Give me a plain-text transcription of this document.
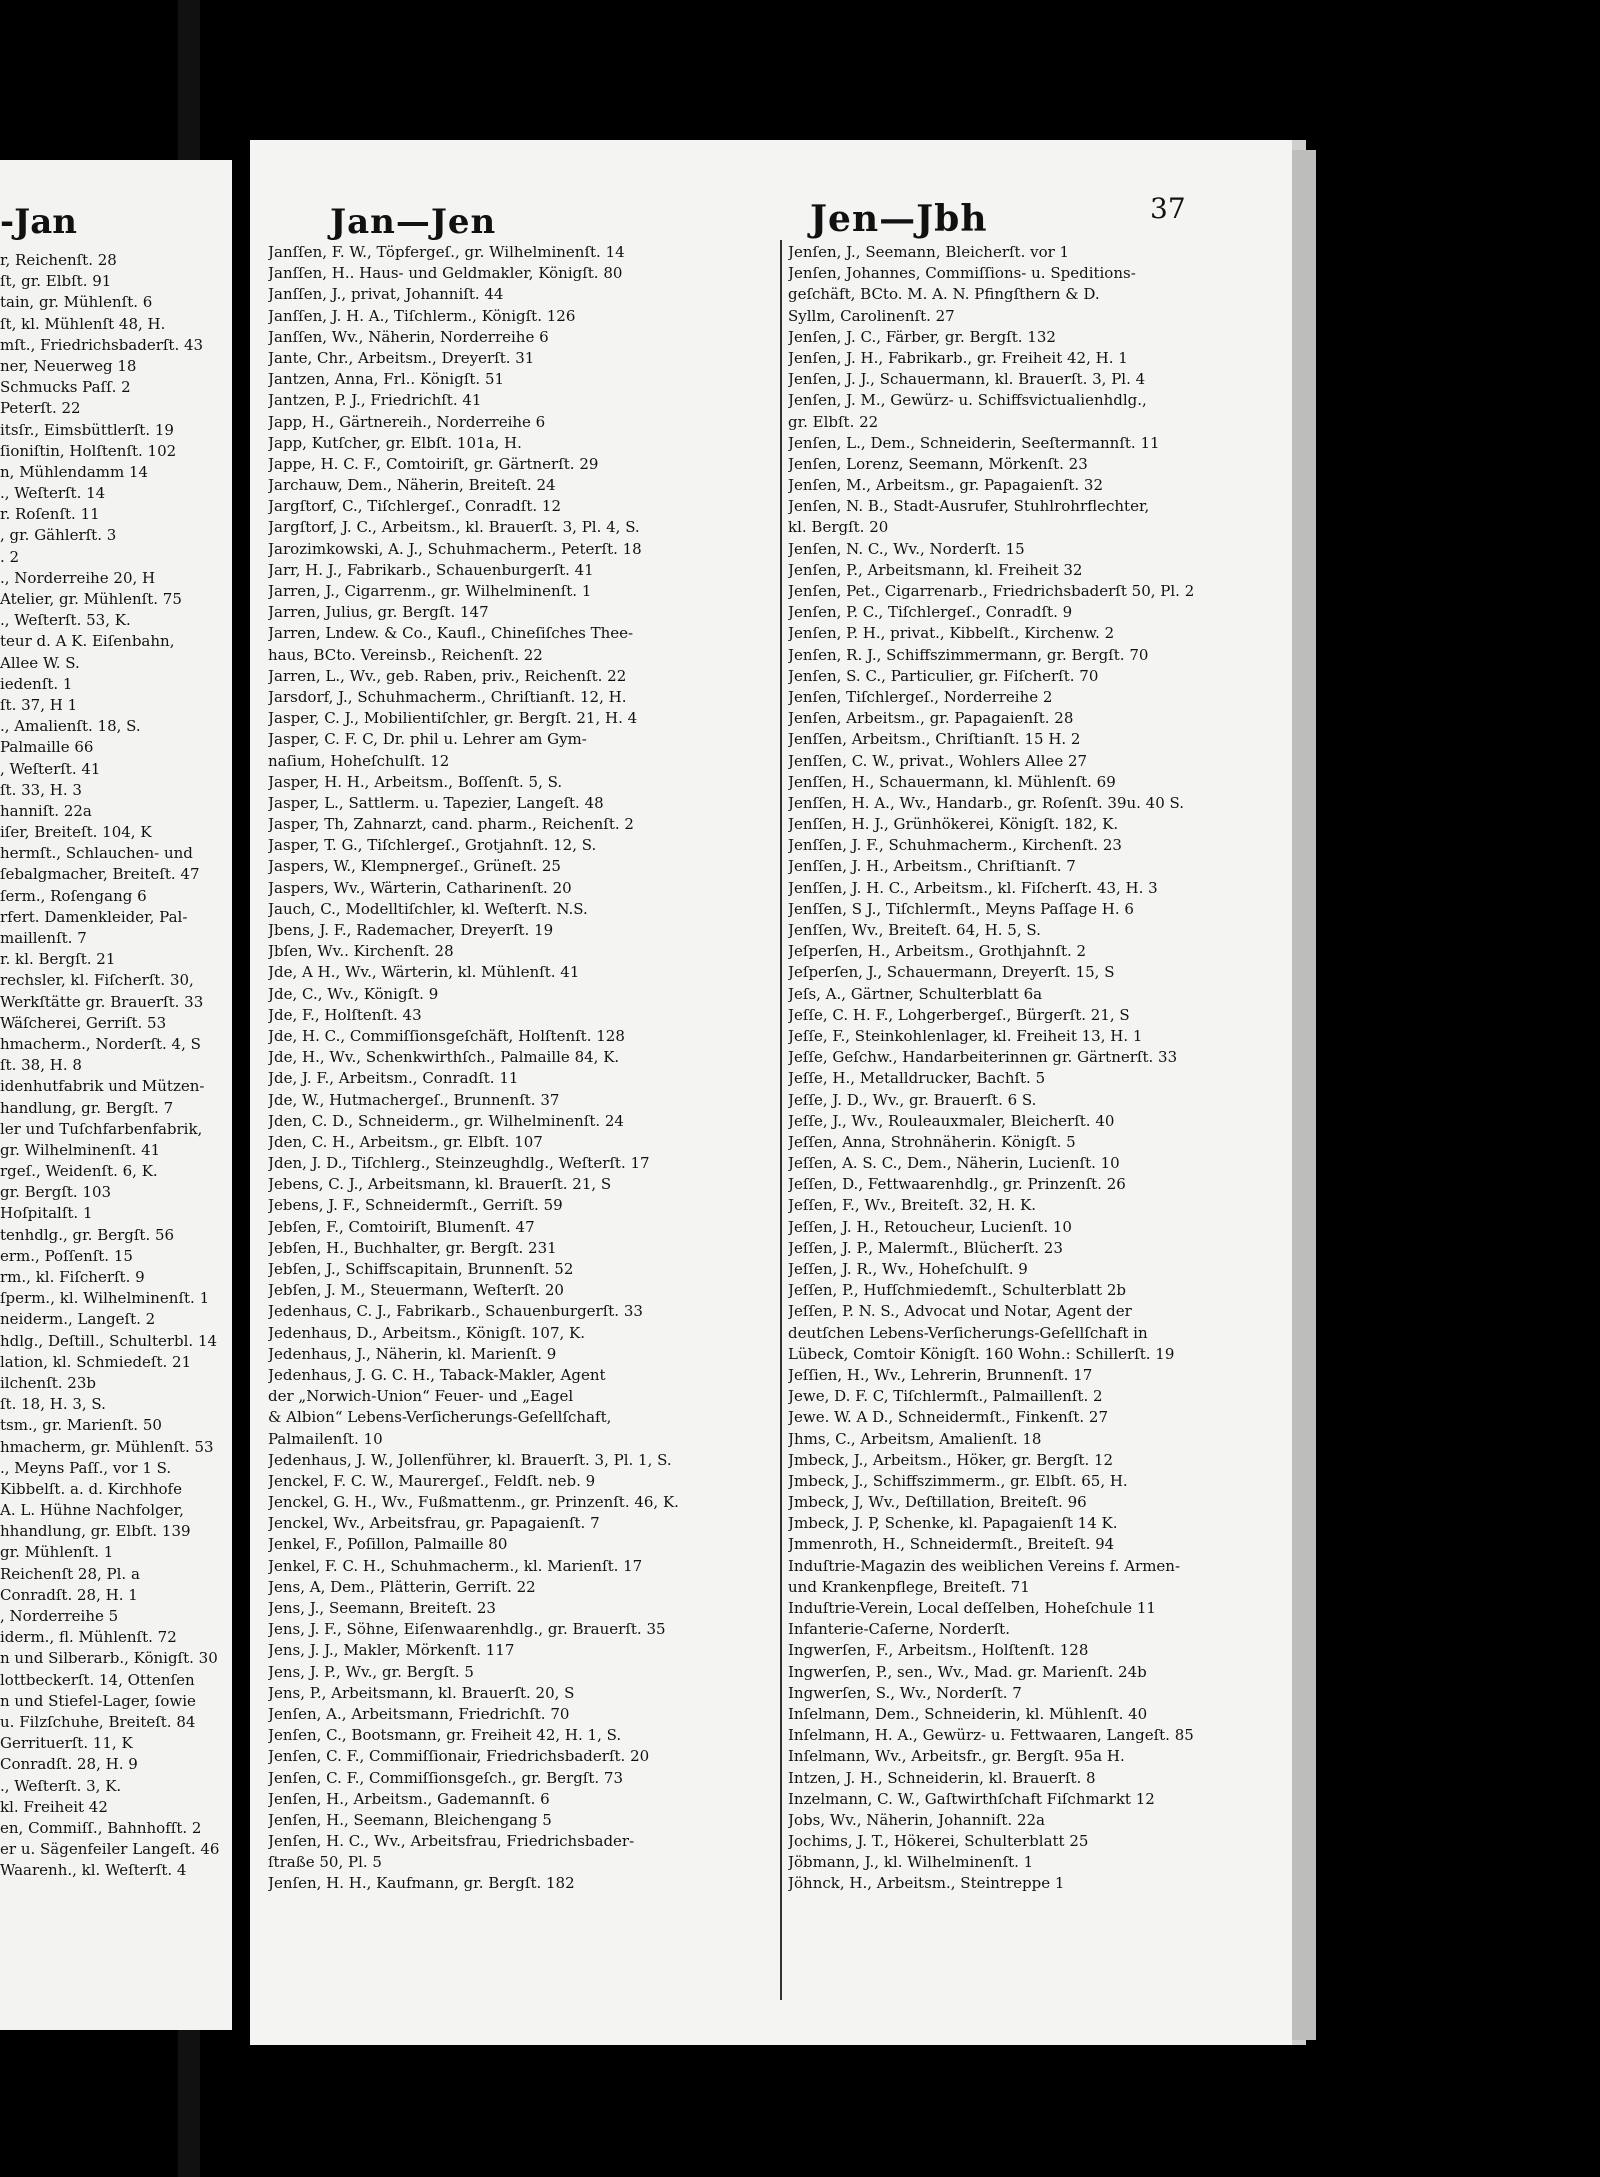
-Jan
r, Reichenſt. 28
ſt, gr. Elbſt. 91
tain, gr. Mühlenſt. 6
ſt, kl. Mühlenſt 48, H.
mſt., Friedrichsbaderſt. 43
ner, Neuerweg 18
Schmucks Paſſ. 2
Peterſt. 22
itsſr., Eimsbüttlerſt. 19
ſioniſtin, Holſtenſt. 102
n, Mühlendamm 14
., Weſterſt. 14
r. Roſenſt. 11
, gr. Gählerſt. 3
. 2
., Norderreihe 20, H
Atelier, gr. Mühlenſt. 75
., Weſterſt. 53, K.
teur d. A K. Eiſenbahn,
Allee W. S.
iedenſt. 1
ſt. 37, H 1
., Amalienſt. 18, S.
Palmaille 66
, Weſterſt. 41
ſt. 33, H. 3
hanniſt. 22a
iſer, Breiteſt. 104, K
hermſt., Schlauchen- und
ſebalgmacher, Breiteſt. 47
ſerm., Roſengang 6
rfert. Damenkleider, Pal-
maillenſt. 7
r. kl. Bergſt. 21
rechsler, kl. Fiſcherſt. 30,
Werkſtätte gr. Brauerſt. 33
Wäſcherei, Gerriſt. 53
hmacherm., Norderſt. 4, S
ſt. 38, H. 8
idenhutfabrik und Mützen-
handlung, gr. Bergſt. 7
ler und Tuſchfarbenfabrik,
gr. Wilhelminenſt. 41
rgeſ., Weidenſt. 6, K.
gr. Bergſt. 103
Hoſpitalſt. 1
tenhdlg., gr. Bergſt. 56
erm., Poſſenſt. 15
rm., kl. Fiſcherſt. 9
ſperm., kl. Wilhelminenſt. 1
neiderm., Langeſt. 2
hdlg., Deſtill., Schulterbl. 14
lation, kl. Schmiedeſt. 21
ilchenſt. 23b
ſt. 18, H. 3, S.
tsm., gr. Marienſt. 50
hmacherm, gr. Mühlenſt. 53
., Meyns Paſſ., vor 1 S.
Kibbelſt. a. d. Kirchhofe
A. L. Hühne Nachfolger,
hhandlung, gr. Elbſt. 139
gr. Mühlenſt. 1
Reichenſt 28, Pl. a
Conradſt. 28, H. 1
, Norderreihe 5
iderm., fl. Mühlenſt. 72
n und Silberarb., Königſt. 30
lottbeckerſt. 14, Ottenſen
n und Stiefel-Lager, ſowie
u. Filzſchuhe, Breiteſt. 84
Gerrituerſt. 11, K
Conradſt. 28, H. 9
., Weſterſt. 3, K.
kl. Freiheit 42
en, Commiſſ., Bahnhofſt. 2
er u. Sägenfeiler Langeſt. 46
Waarenh., kl. Weſterſt. 4
Jan—Jen	Jen—Jbh	37
Janſſen, F. W., Töpfergeſ., gr. Wilhelminenſt. 14
Janſſen, H.. Haus- und Geldmakler, Königſt. 80
Janſſen, J., privat, Johanniſt. 44
Janſſen, J. H. A., Tiſchlerm., Königſt. 126
Janſſen, Wv., Näherin, Norderreihe 6
Jante, Chr., Arbeitsm., Dreyerſt. 31
Jantzen, Anna, Frl.. Königſt. 51
Jantzen, P. J., Friedrichſt. 41
Japp, H., Gärtnereih., Norderreihe 6
Japp, Kutſcher, gr. Elbſt. 101a, H.
Jappe, H. C. F., Comtoiriſt, gr. Gärtnerſt. 29
Jarchauw, Dem., Näherin, Breiteſt. 24
Jargſtorf, C., Tiſchlergeſ., Conradſt. 12
Jargſtorf, J. C., Arbeitsm., kl. Brauerſt. 3, Pl. 4, S.
Jarozimkowski, A. J., Schuhmacherm., Peterſt. 18
Jarr, H. J., Fabrikarb., Schauenburgerſt. 41
Jarren, J., Cigarrenm., gr. Wilhelminenſt. 1
Jarren, Julius, gr. Bergſt. 147
Jarren, Lndew. & Co., Kaufl., Chineſiſches Thee-
haus, BCto. Vereinsb., Reichenſt. 22
Jarren, L., Wv., geb. Raben, priv., Reichenſt. 22
Jarsdorf, J., Schuhmacherm., Chriſtianſt. 12, H.
Jasper, C. J., Mobilientiſchler, gr. Bergſt. 21, H. 4
Jasper, C. F. C, Dr. phil u. Lehrer am Gym-
naſium, Hoheſchulſt. 12
Jasper, H. H., Arbeitsm., Boſſenſt. 5, S.
Jasper, L., Sattlerm. u. Tapezier, Langeſt. 48
Jasper, Th, Zahnarzt, cand. pharm., Reichenſt. 2
Jasper, T. G., Tiſchlergeſ., Grotjahnſt. 12, S.
Jaspers, W., Klempnergeſ., Grüneſt. 25
Jaspers, Wv., Wärterin, Catharinenſt. 20
Jauch, C., Modelltiſchler, kl. Weſterſt. N.S.
Jbens, J. F., Rademacher, Dreyerſt. 19
Jbſen, Wv.. Kirchenſt. 28
Jde, A H., Wv., Wärterin, kl. Mühlenſt. 41
Jde, C., Wv., Königſt. 9
Jde, F., Holſtenſt. 43
Jde, H. C., Commiſſionsgeſchäft, Holſtenſt. 128
Jde, H., Wv., Schenkwirthſch., Palmaille 84, K.
Jde, J. F., Arbeitsm., Conradſt. 11
Jde, W., Hutmachergeſ., Brunnenſt. 37
Jden, C. D., Schneiderm., gr. Wilhelminenſt. 24
Jden, C. H., Arbeitsm., gr. Elbſt. 107
Jden, J. D., Tiſchlerg., Steinzeughdlg., Weſterſt. 17
Jebens, C. J., Arbeitsmann, kl. Brauerſt. 21, S
Jebens, J. F., Schneidermſt., Gerriſt. 59
Jebſen, F., Comtoiriſt, Blumenſt. 47
Jebſen, H., Buchhalter, gr. Bergſt. 231
Jebſen, J., Schiffscapitain, Brunnenſt. 52
Jebſen, J. M., Steuermann, Weſterſt. 20
Jedenhaus, C. J., Fabrikarb., Schauenburgerſt. 33
Jedenhaus, D., Arbeitsm., Königſt. 107, K.
Jedenhaus, J., Näherin, kl. Marienſt. 9
Jedenhaus, J. G. C. H., Taback-Makler, Agent
der „Norwich-Union“ Feuer- und „Eagel
& Albion“ Lebens-Verſicherungs-Geſellſchaft,
Palmailenſt. 10
Jedenhaus, J. W., Jollenführer, kl. Brauerſt. 3, Pl. 1, S.
Jenckel, F. C. W., Maurergeſ., Feldſt. neb. 9
Jenckel, G. H., Wv., Fußmattenm., gr. Prinzenſt. 46, K.
Jenckel, Wv., Arbeitsfrau, gr. Papagaienſt. 7
Jenkel, F., Poſillon, Palmaille 80
Jenkel, F. C. H., Schuhmacherm., kl. Marienſt. 17
Jens, A, Dem., Plätterin, Gerriſt. 22
Jens, J., Seemann, Breiteſt. 23
Jens, J. F., Söhne, Eiſenwaarenhdlg., gr. Brauerſt. 35
Jens, J. J., Makler, Mörkenſt. 117
Jens, J. P., Wv., gr. Bergſt. 5
Jens, P., Arbeitsmann, kl. Brauerſt. 20, S
Jenſen, A., Arbeitsmann, Friedrichſt. 70
Jenſen, C., Bootsmann, gr. Freiheit 42, H. 1, S.
Jenſen, C. F., Commiſſionair, Friedrichsbaderſt. 20
Jenſen, C. F., Commiſſionsgeſch., gr. Bergſt. 73
Jenſen, H., Arbeitsm., Gademannſt. 6
Jenſen, H., Seemann, Bleichengang 5
Jenſen, H. C., Wv., Arbeitsfrau, Friedrichsbader-
ſtraße 50, Pl. 5
Jenſen, H. H., Kaufmann, gr. Bergſt. 182
Jenſen, J., Seemann, Bleicherſt. vor 1
Jenſen, Johannes, Commiſſions- u. Speditions-
geſchäft, BCto. M. A. N. Pfingſthern & D.
Syllm, Carolinenſt. 27
Jenſen, J. C., Färber, gr. Bergſt. 132
Jenſen, J. H., Fabrikarb., gr. Freiheit 42, H. 1
Jenſen, J. J., Schauermann, kl. Brauerſt. 3, Pl. 4
Jenſen, J. M., Gewürz- u. Schiffsvictualienhdlg.,
gr. Elbſt. 22
Jenſen, L., Dem., Schneiderin, Seeſtermannſt. 11
Jenſen, Lorenz, Seemann, Mörkenſt. 23
Jenſen, M., Arbeitsm., gr. Papagaienſt. 32
Jenſen, N. B., Stadt-Ausrufer, Stuhlrohrflechter,
kl. Bergſt. 20
Jenſen, N. C., Wv., Norderſt. 15
Jenſen, P., Arbeitsmann, kl. Freiheit 32
Jenſen, Pet., Cigarrenarb., Friedrichsbaderſt 50, Pl. 2
Jenſen, P. C., Tiſchlergeſ., Conradſt. 9
Jenſen, P. H., privat., Kibbelſt., Kirchenw. 2
Jenſen, R. J., Schiffszimmermann, gr. Bergſt. 70
Jenſen, S. C., Particulier, gr. Fiſcherſt. 70
Jenſen, Tiſchlergeſ., Norderreihe 2
Jenſen, Arbeitsm., gr. Papagaienſt. 28
Jenſſen, Arbeitsm., Chriſtianſt. 15 H. 2
Jenſſen, C. W., privat., Wohlers Allee 27
Jenſſen, H., Schauermann, kl. Mühlenſt. 69
Jenſſen, H. A., Wv., Handarb., gr. Roſenſt. 39u. 40 S.
Jenſſen, H. J., Grünhökerei, Königſt. 182, K.
Jenſſen, J. F., Schuhmacherm., Kirchenſt. 23
Jenſſen, J. H., Arbeitsm., Chriſtianſt. 7
Jenſſen, J. H. C., Arbeitsm., kl. Fiſcherſt. 43, H. 3
Jenſſen, S J., Tiſchlermſt., Meyns Paſſage H. 6
Jenſſen, Wv., Breiteſt. 64, H. 5, S.
Jeſperſen, H., Arbeitsm., Grothjahnſt. 2
Jeſperſen, J., Schauermann, Dreyerſt. 15, S
Jeſs, A., Gärtner, Schulterblatt 6a
Jeſſe, C. H. F., Lohgerbergeſ., Bürgerſt. 21, S
Jeſſe, F., Steinkohlenlager, kl. Freiheit 13, H. 1
Jeſſe, Geſchw., Handarbeiterinnen gr. Gärtnerſt. 33
Jeſſe, H., Metalldrucker, Bachſt. 5
Jeſſe, J. D., Wv., gr. Brauerſt. 6 S.
Jeſſe, J., Wv., Rouleauxmaler, Bleicherſt. 40
Jeſſen, Anna, Strohnäherin. Königſt. 5
Jeſſen, A. S. C., Dem., Näherin, Lucienſt. 10
Jeſſen, D., Fettwaarenhdlg., gr. Prinzenſt. 26
Jeſſen, F., Wv., Breiteſt. 32, H. K.
Jeſſen, J. H., Retoucheur, Lucienſt. 10
Jeſſen, J. P., Malermſt., Blücherſt. 23
Jeſſen, J. R., Wv., Hoheſchulſt. 9
Jeſſen, P., Hufſchmiedemſt., Schulterblatt 2b
Jeſſen, P. N. S., Advocat und Notar, Agent der
deutſchen Lebens-Verſicherungs-Geſellſchaft in
Lübeck, Comtoir Königſt. 160 Wohn.: Schillerſt. 19
Jeſſien, H., Wv., Lehrerin, Brunnenſt. 17
Jewe, D. F. C, Tiſchlermſt., Palmaillenſt. 2
Jewe. W. A D., Schneidermſt., Finkenſt. 27
Jhms, C., Arbeitsm, Amalienſt. 18
Jmbeck, J., Arbeitsm., Höker, gr. Bergſt. 12
Jmbeck, J., Schiffszimmerm., gr. Elbſt. 65, H.
Jmbeck, J, Wv., Deſtillation, Breiteſt. 96
Jmbeck, J. P, Schenke, kl. Papagaienſt 14 K.
Jmmenroth, H., Schneidermſt., Breiteſt. 94
Induſtrie-Magazin des weiblichen Vereins f. Armen-
und Krankenpflege, Breiteſt. 71
Induſtrie-Verein, Local deſſelben, Hoheſchule 11
Infanterie-Caſerne, Norderſt.
Ingwerſen, F., Arbeitsm., Holſtenſt. 128
Ingwerſen, P., sen., Wv., Mad. gr. Marienſt. 24b
Ingwerſen, S., Wv., Norderſt. 7
Inſelmann, Dem., Schneiderin, kl. Mühlenſt. 40
Inſelmann, H. A., Gewürz- u. Fettwaaren, Langeſt. 85
Inſelmann, Wv., Arbeitsfr., gr. Bergſt. 95a H.
Intzen, J. H., Schneiderin, kl. Brauerſt. 8
Inzelmann, C. W., Gaſtwirthſchaft Fiſchmarkt 12
Jobs, Wv., Näherin, Johanniſt. 22a
Jochims, J. T., Hökerei, Schulterblatt 25
Jöbmann, J., kl. Wilhelminenſt. 1
Jöhnck, H., Arbeitsm., Steintreppe 1
